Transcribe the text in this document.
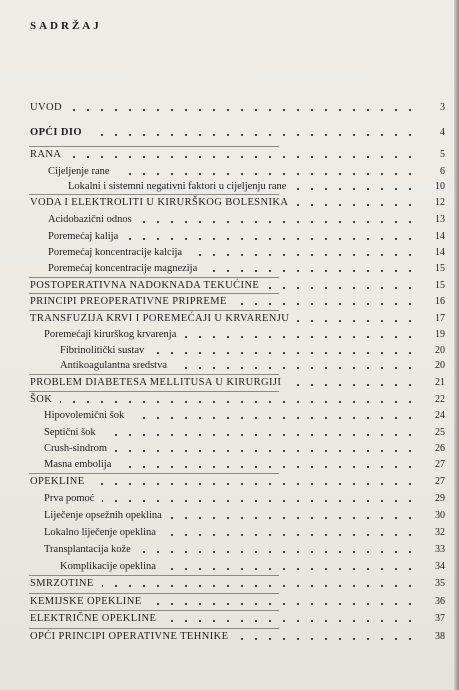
SADRŽAJ
UVOD	3
OPĆI DIO	4
RANA	5
Cijeljenje rane	6
Lokalni i sistemni negativni faktori u cijeljenju rane	10
VODA I ELEKTROLITI U KIRURŠKOG BOLESNIKA	12
Acidobazični odnos	13
Poremećaj kalija	14
Poremećaj koncentracije kalcija	14
Poremećaj koncentracije magnezija	15
POSTOPERATIVNA NADOKNADA TEKUĆINE	15
PRINCIPI PREOPERATIVNE PRIPREME	16
TRANSFUZIJA KRVI I POREMEĆAJI U KRVARENJU	17
Poremećaji kirurškog krvarenja	19
Fibrinolitički sustav	20
Antikoagulantna sredstva	20
PROBLEM DIABETESA MELLITUSA U KIRURGIJI	21
ŠOK	22
Hipovolemični šok	24
Septični šok	25
Crush-sindrom	26
Masna embolija	27
OPEKLINE	27
Prva pomoć	29
Liječenje opsežnih opeklina	30
Lokalno liječenje opeklina	32
Transplantacija kože	33
Komplikacije opeklina	34
SMRZOTINE	35
KEMIJSKE OPEKLINE	36
ELEKTRIČNE OPEKLINE	37
OPĆI PRINCIPI OPERATIVNE TEHNIKE	38
